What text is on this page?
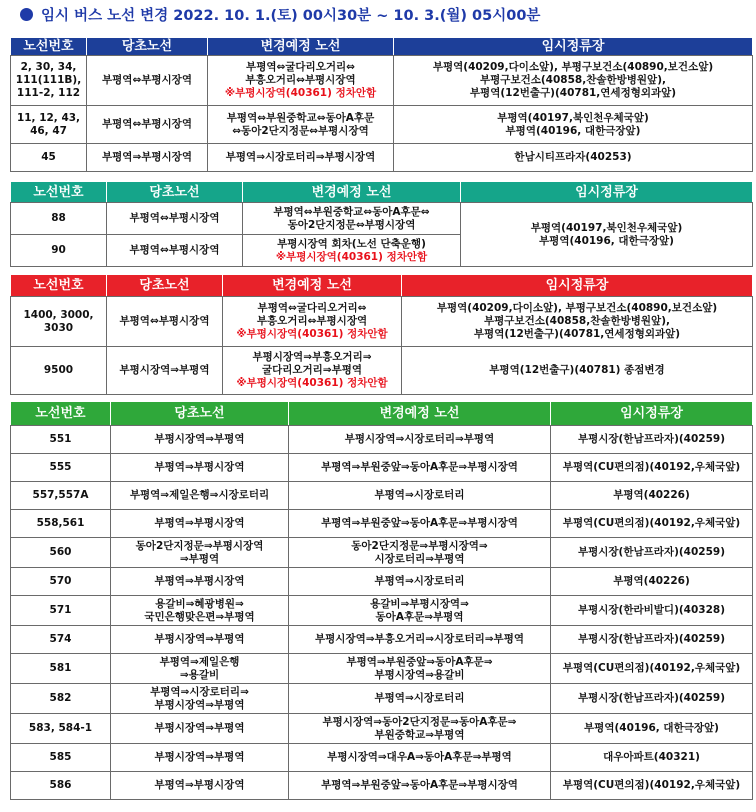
임시 버스 노선 변경 2022. 10. 1.(토) 00시30분 ~ 10. 3.(월) 05시00분
노선번호	당초노선	변경예정 노선	임시정류장
2, 30, 34,
111(111B),
111-2, 112	부평역⇔부평시장역	부평역⇔굴다리오거리⇔
부흥오거리⇔부평시장역
※부평시장역(40361) 정차안함	부평역(40209,다이소앞), 부평구보건소(40890,보건소앞)
부평구보건소(40858,찬솔한방병원앞),
부평역(12번출구)(40781,연세정형외과앞)
11, 12, 43,
46, 47	부평역⇔부평시장역	부평역⇔부원중학교⇔동아A후문
⇔동아2단지정문⇔부평시장역	부평역(40197,북인천우체국앞)
부평역(40196, 대한극장앞)
45	부평역⇒부평시장역	부평역⇒시장로터리⇒부평시장역	한남시티프라자(40253)
노선번호	당초노선	변경예정 노선	임시정류장
88	부평역⇔부평시장역	부평역⇔부원중학교⇔동아A후문⇔
동아2단지정문⇔부평시장역	부평역(40197,북인천우체국앞)
부평역(40196, 대한극장앞)
90	부평역⇔부평시장역	부평시장역 회차(노선 단축운행)
※부평시장역(40361) 정차안함	
노선번호	당초노선	변경예정 노선	임시정류장
1400, 3000,
3030	부평역⇔부평시장역	부평역⇔굴다리오거리⇔
부흥오거리⇔부평시장역
※부평시장역(40361) 정차안함	부평역(40209,다이소앞), 부평구보건소(40890,보건소앞)
부평구보건소(40858,찬솔한방병원앞),
부평역(12번출구)(40781,연세정형외과앞)
9500	부평시장역⇒부평역	부평시장역⇒부흥오거리⇒
굴다리오거리⇒부평역
※부평시장역(40361) 정차안함	부평역(12번출구)(40781) 종점변경
노선번호	당초노선	변경예정 노선	임시정류장
551	부평시장역⇒부평역	부평시장역⇒시장로터리⇒부평역	부평시장(한남프라자)(40259)
555	부평역⇒부평시장역	부평역⇒부원중앞⇒동아A후문⇒부평시장역	부평역(CU편의점)(40192,우체국앞)
557,557A	부평역⇒제일은행⇒시장로터리	부평역⇒시장로터리	부평역(40226)
558,561	부평역⇒부평시장역	부평역⇒부원중앞⇒동아A후문⇒부평시장역	부평역(CU편의점)(40192,우체국앞)
560	동아2단지정문⇒부평시장역
⇒부평역	동아2단지정문⇒부평시장역⇒
시장로터리⇒부평역	부평시장(한남프라자)(40259)
570	부평역⇒부평시장역	부평역⇒시장로터리	부평역(40226)
571	용갈비⇒혜광병원⇒
국민은행맞은편⇒부평역	용갈비⇒부평시장역⇒
동아A후문⇒부평역	부평시장(한라비발디)(40328)
574	부평시장역⇒부평역	부평시장역⇒부흥오거리⇒시장로터리⇒부평역	부평시장(한남프라자)(40259)
581	부평역⇒제일은행
⇒용갈비	부평역⇒부원중앞⇒동아A후문⇒
부평시장역⇒용갈비	부평역(CU편의점)(40192,우체국앞)
582	부평역⇒시장로터리⇒
부평시장역⇒부평역	부평역⇒시장로터리	부평시장(한남프라자)(40259)
583, 584-1	부평시장역⇒부평역	부평시장역⇒동아2단지정문⇒동아A후문⇒
부원중학교⇒부평역	부평역(40196, 대한극장앞)
585	부평시장역⇒부평역	부평시장역⇒대우A⇒동아A후문⇒부평역	대우아파트(40321)
586	부평역⇒부평시장역	부평역⇒부원중앞⇒동아A후문⇒부평시장역	부평역(CU편의점)(40192,우체국앞)
